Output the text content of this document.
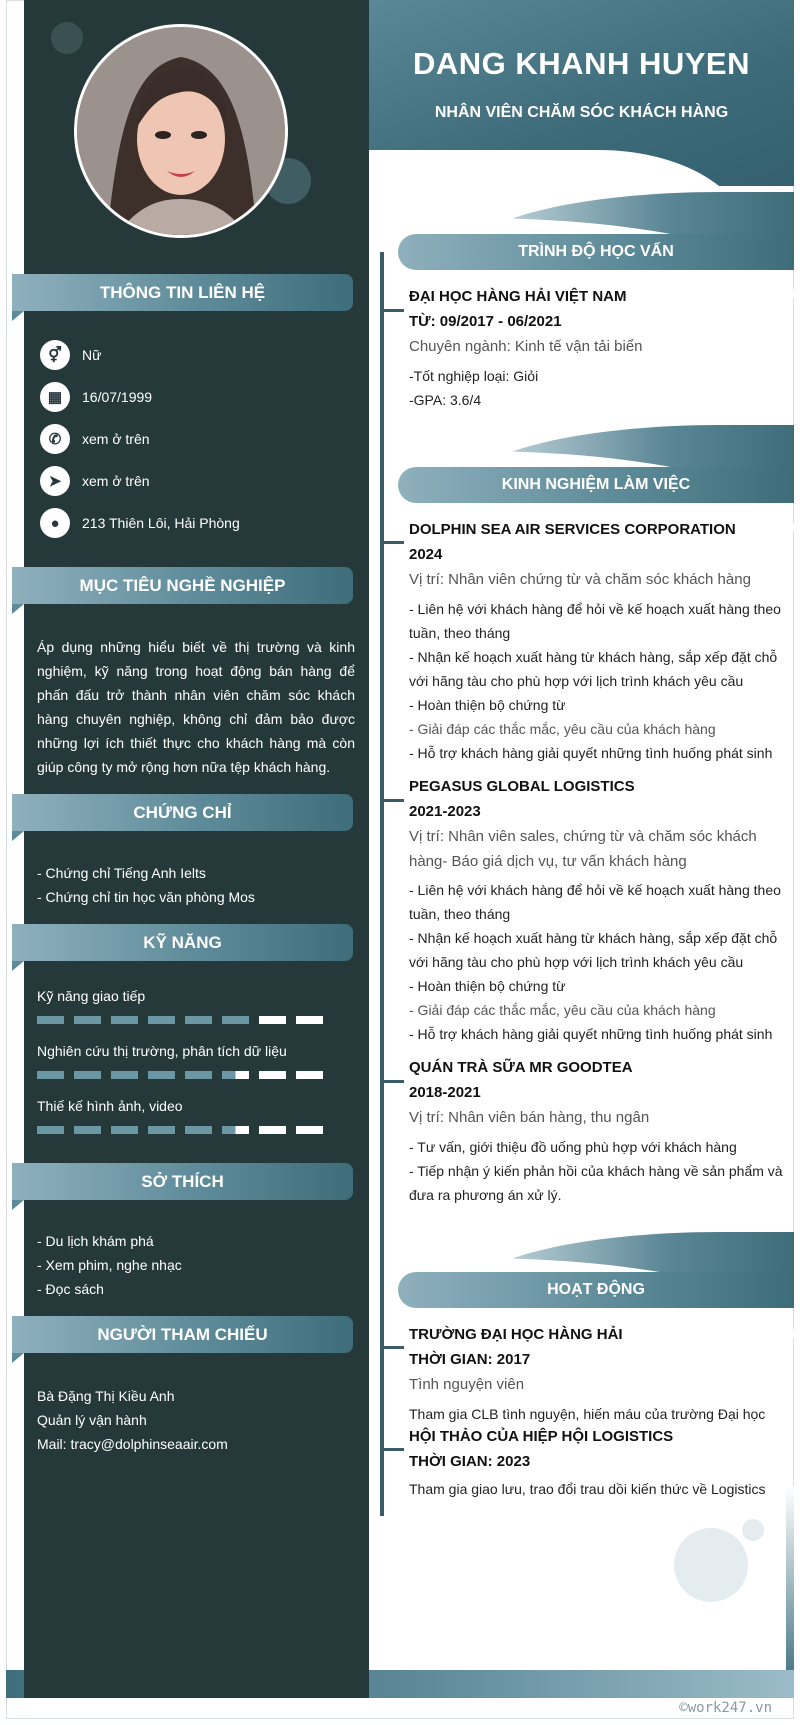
DANG KHANH HUYEN
NHÂN VIÊN CHĂM SÓC KHÁCH HÀNG
THÔNG TIN LIÊN HỆ
⚥	Nữ
▦	16/07/1999
✆	xem ở trên
➤	xem ở trên
●	213 Thiên Lôi, Hải Phòng
MỤC TIÊU NGHỀ NGHIỆP
Áp dụng những hiểu biết về thị trường và kinh nghiệm, kỹ năng trong hoạt động bán hàng để phấn đấu trở thành nhân viên chăm sóc khách hàng chuyên nghiệp, không chỉ đảm bảo được những lợi ích thiết thực cho khách hàng mà còn giúp công ty mở rộng hơn nữa tệp khách hàng.
CHỨNG CHỈ
- Chứng chỉ Tiếng Anh Ielts
- Chứng chỉ tin học văn phòng Mos
KỸ NĂNG
Kỹ năng giao tiếp
Nghiên cứu thị trường, phân tích dữ liệu
Thiế kế hình ảnh, video
SỞ THÍCH
- Du lịch khám phá
- Xem phim, nghe nhạc
- Đọc sách
NGƯỜI THAM CHIẾU
Bà Đặng Thị Kiều Anh
Quản lý vận hành
Mail: tracy@dolphinseaair.com
TRÌNH ĐỘ HỌC VẤN
ĐẠI HỌC HÀNG HẢI VIỆT NAM
TỪ: 09/2017 - 06/2021
Chuyên ngành: Kinh tế vận tải biển
-Tốt nghiệp loại: Giỏi
-GPA: 3.6/4
KINH NGHIỆM LÀM VIỆC
DOLPHIN SEA AIR SERVICES CORPORATION
2024
Vị trí: Nhân viên chứng từ và chăm sóc khách hàng
- Liên hệ với khách hàng để hỏi về kế hoạch xuất hàng theo tuần, theo tháng
- Nhận kế hoạch xuất hàng từ khách hàng, sắp xếp đặt chỗ với hãng tàu cho phù hợp với lịch trình khách yêu cầu
- Hoàn thiện bộ chứng từ
- Giải đáp các thắc mắc, yêu cầu của khách hàng
- Hỗ trợ khách hàng giải quyết những tình huống phát sinh
PEGASUS GLOBAL LOGISTICS
2021-2023
Vị trí: Nhân viên sales, chứng từ và chăm sóc khách hàng- Báo giá dịch vụ, tư vấn khách hàng
- Liên hệ với khách hàng để hỏi về kế hoạch xuất hàng theo tuần, theo tháng
- Nhận kế hoạch xuất hàng từ khách hàng, sắp xếp đặt chỗ với hãng tàu cho phù hợp với lịch trình khách yêu cầu
- Hoàn thiện bộ chứng từ
- Giải đáp các thắc mắc, yêu cầu của khách hàng
- Hỗ trợ khách hàng giải quyết những tình huống phát sinh
QUÁN TRÀ SỮA MR GOODTEA
2018-2021
Vị trí: Nhân viên bán hàng, thu ngân
- Tư vấn, giới thiệu đồ uống phù hợp với khách hàng
- Tiếp nhận ý kiến phản hồi của khách hàng về sản phẩm và đưa ra phương án xử lý.
HOẠT ĐỘNG
TRƯỜNG ĐẠI HỌC HÀNG HẢI
THỜI GIAN: 2017
Tình nguyện viên
Tham gia CLB tình nguyện, hiến máu của trường Đại học
HỘI THẢO CỦA HIỆP HỘI LOGISTICS
THỜI GIAN: 2023
Tham gia giao lưu, trao đổi trau dồi kiến thức về Logistics
©work247.vn
